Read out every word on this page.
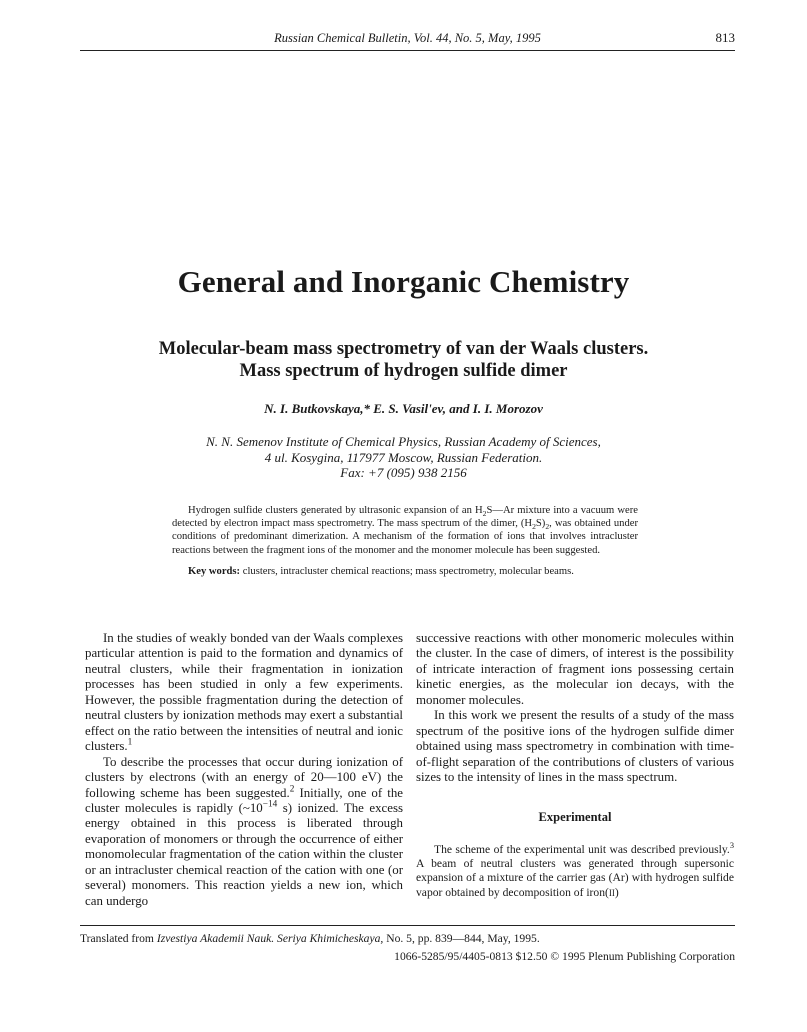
Russian Chemical Bulletin, Vol. 44, No. 5, May, 1995	813
General and Inorganic Chemistry
Molecular-beam mass spectrometry of van der Waals clusters.
Mass spectrum of hydrogen sulfide dimer
N. I. Butkovskaya,* E. S. Vasil'ev, and I. I. Morozov
N. N. Semenov Institute of Chemical Physics, Russian Academy of Sciences,
4 ul. Kosygina, 117977 Moscow, Russian Federation.
Fax: +7 (095) 938 2156

Hydrogen sulfide clusters generated by ultrasonic expansion of an $H_2S—Ar$ mixture into a vacuum were detected by electron impact mass spectrometry. The mass spectrum of the dimer, $(H_2S)_2$, was obtained under conditions of predominant dimerization. A mechanism of the formation of ions that involves intracluster reactions between the fragment ions of the monomer and the monomer molecule has been suggested.

Key words: clusters, intracluster chemical reactions; mass spectrometry, molecular beams.

In the studies of weakly bonded van der Waals complexes particular attention is paid to the formation and dynamics of neutral clusters, while their fragmentation in ionization processes has been studied in only a few experiments. However, the possible fragmentation during the detection of neutral clusters by ionization methods may exert a substantial effect on the ratio between the intensities of neutral and ionic clusters.$^1$

To describe the processes that occur during ionization of clusters by electrons (with an energy of 20—100 eV) the following scheme has been suggested.$^2$ Initially, one of the cluster molecules is rapidly ($\sim 10^{-14}$ s) ionized. The excess energy obtained in this process is liberated through evaporation of monomers or through the occurrence of either monomolecular fragmentation of the cation within the cluster or an intracluster chemical reaction of the cation with one (or several) monomers. This reaction yields a new ion, which can undergo

successive reactions with other monomeric molecules within the cluster. In the case of dimers, of interest is the possibility of intricate interaction of fragment ions possessing certain kinetic energies, as the molecular ion decays, with the monomer molecules.

In this work we present the results of a study of the mass spectrum of the positive ions of the hydrogen sulfide dimer obtained using mass spectrometry in combination with time-of-flight separation of the contributions of clusters of various sizes to the intensity of lines in the mass spectrum.

Experimental

The scheme of the experimental unit was described previously.$^3$ A beam of neutral clusters was generated through supersonic expansion of a mixture of the carrier gas (Ar) with hydrogen sulfide vapor obtained by decomposition of iron(II)

Translated from Izvestiya Akademii Nauk. Seriya Khimicheskaya, No. 5, pp. 839—844, May, 1995.
1066-5285/95/4405-0813 $12.50 © 1995 Plenum Publishing Corporation
